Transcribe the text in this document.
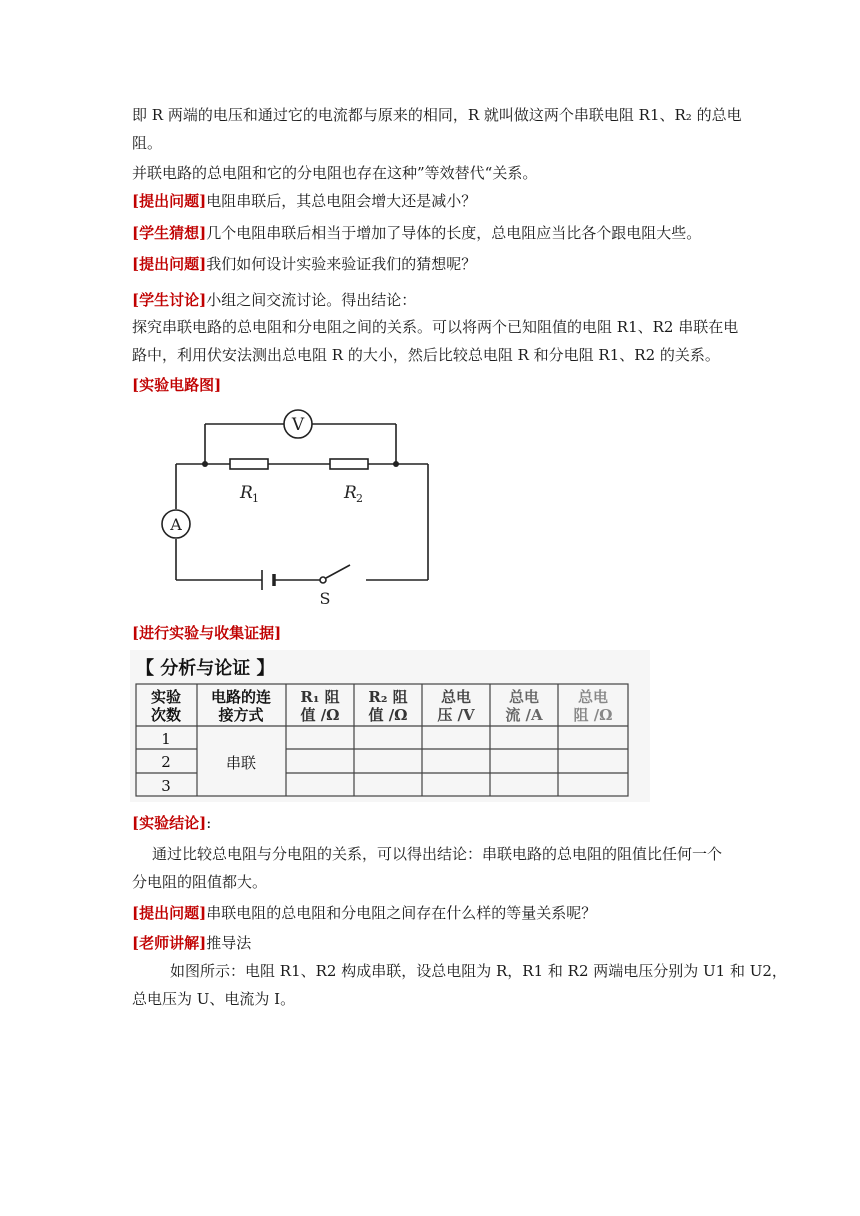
即 R 两端的电压和通过它的电流都与原来的相同，R 就叫做这两个串联电阻 R1、R₂ 的总电
阻。
并联电路的总电阻和它的分电阻也存在这种”等效替代“关系。
[提出问题]电阻串联后，其总电阻会增大还是减小？
[学生猜想]几个电阻串联后相当于增加了导体的长度，总电阻应当比各个跟电阻大些。
[提出问题]我们如何设计实验来验证我们的猜想呢？
[学生讨论]小组之间交流讨论。得出结论：
探究串联电路的总电阻和分电阻之间的关系。可以将两个已知阻值的电阻 R1、R2 串联在电
路中，利用伏安法测出总电阻 R 的大小，然后比较总电阻 R 和分电阻 R1、R2 的关系。
[实验电路图]
V
A
R 1	R 2
S
[进行实验与收集证据]
【 分析与论证 】
实验
次数
电路的连
接方式
R₁ 阻
值 /Ω
R₂ 阻
值 /Ω
总电
压 /V
总电
流 /A
总电
阻 /Ω
1
2
3
串联
[实验结论]:
通过比较总电阻与分电阻的关系，可以得出结论：串联电路的总电阻的阻值比任何一个
分电阻的阻值都大。
[提出问题]串联电阻的总电阻和分电阻之间存在什么样的等量关系呢？
[老师讲解]推导法
如图所示：电阻 R1、R2 构成串联，设总电阻为 R，R1 和 R2 两端电压分别为 U1 和 U2，
总电压为 U、电流为 I。
